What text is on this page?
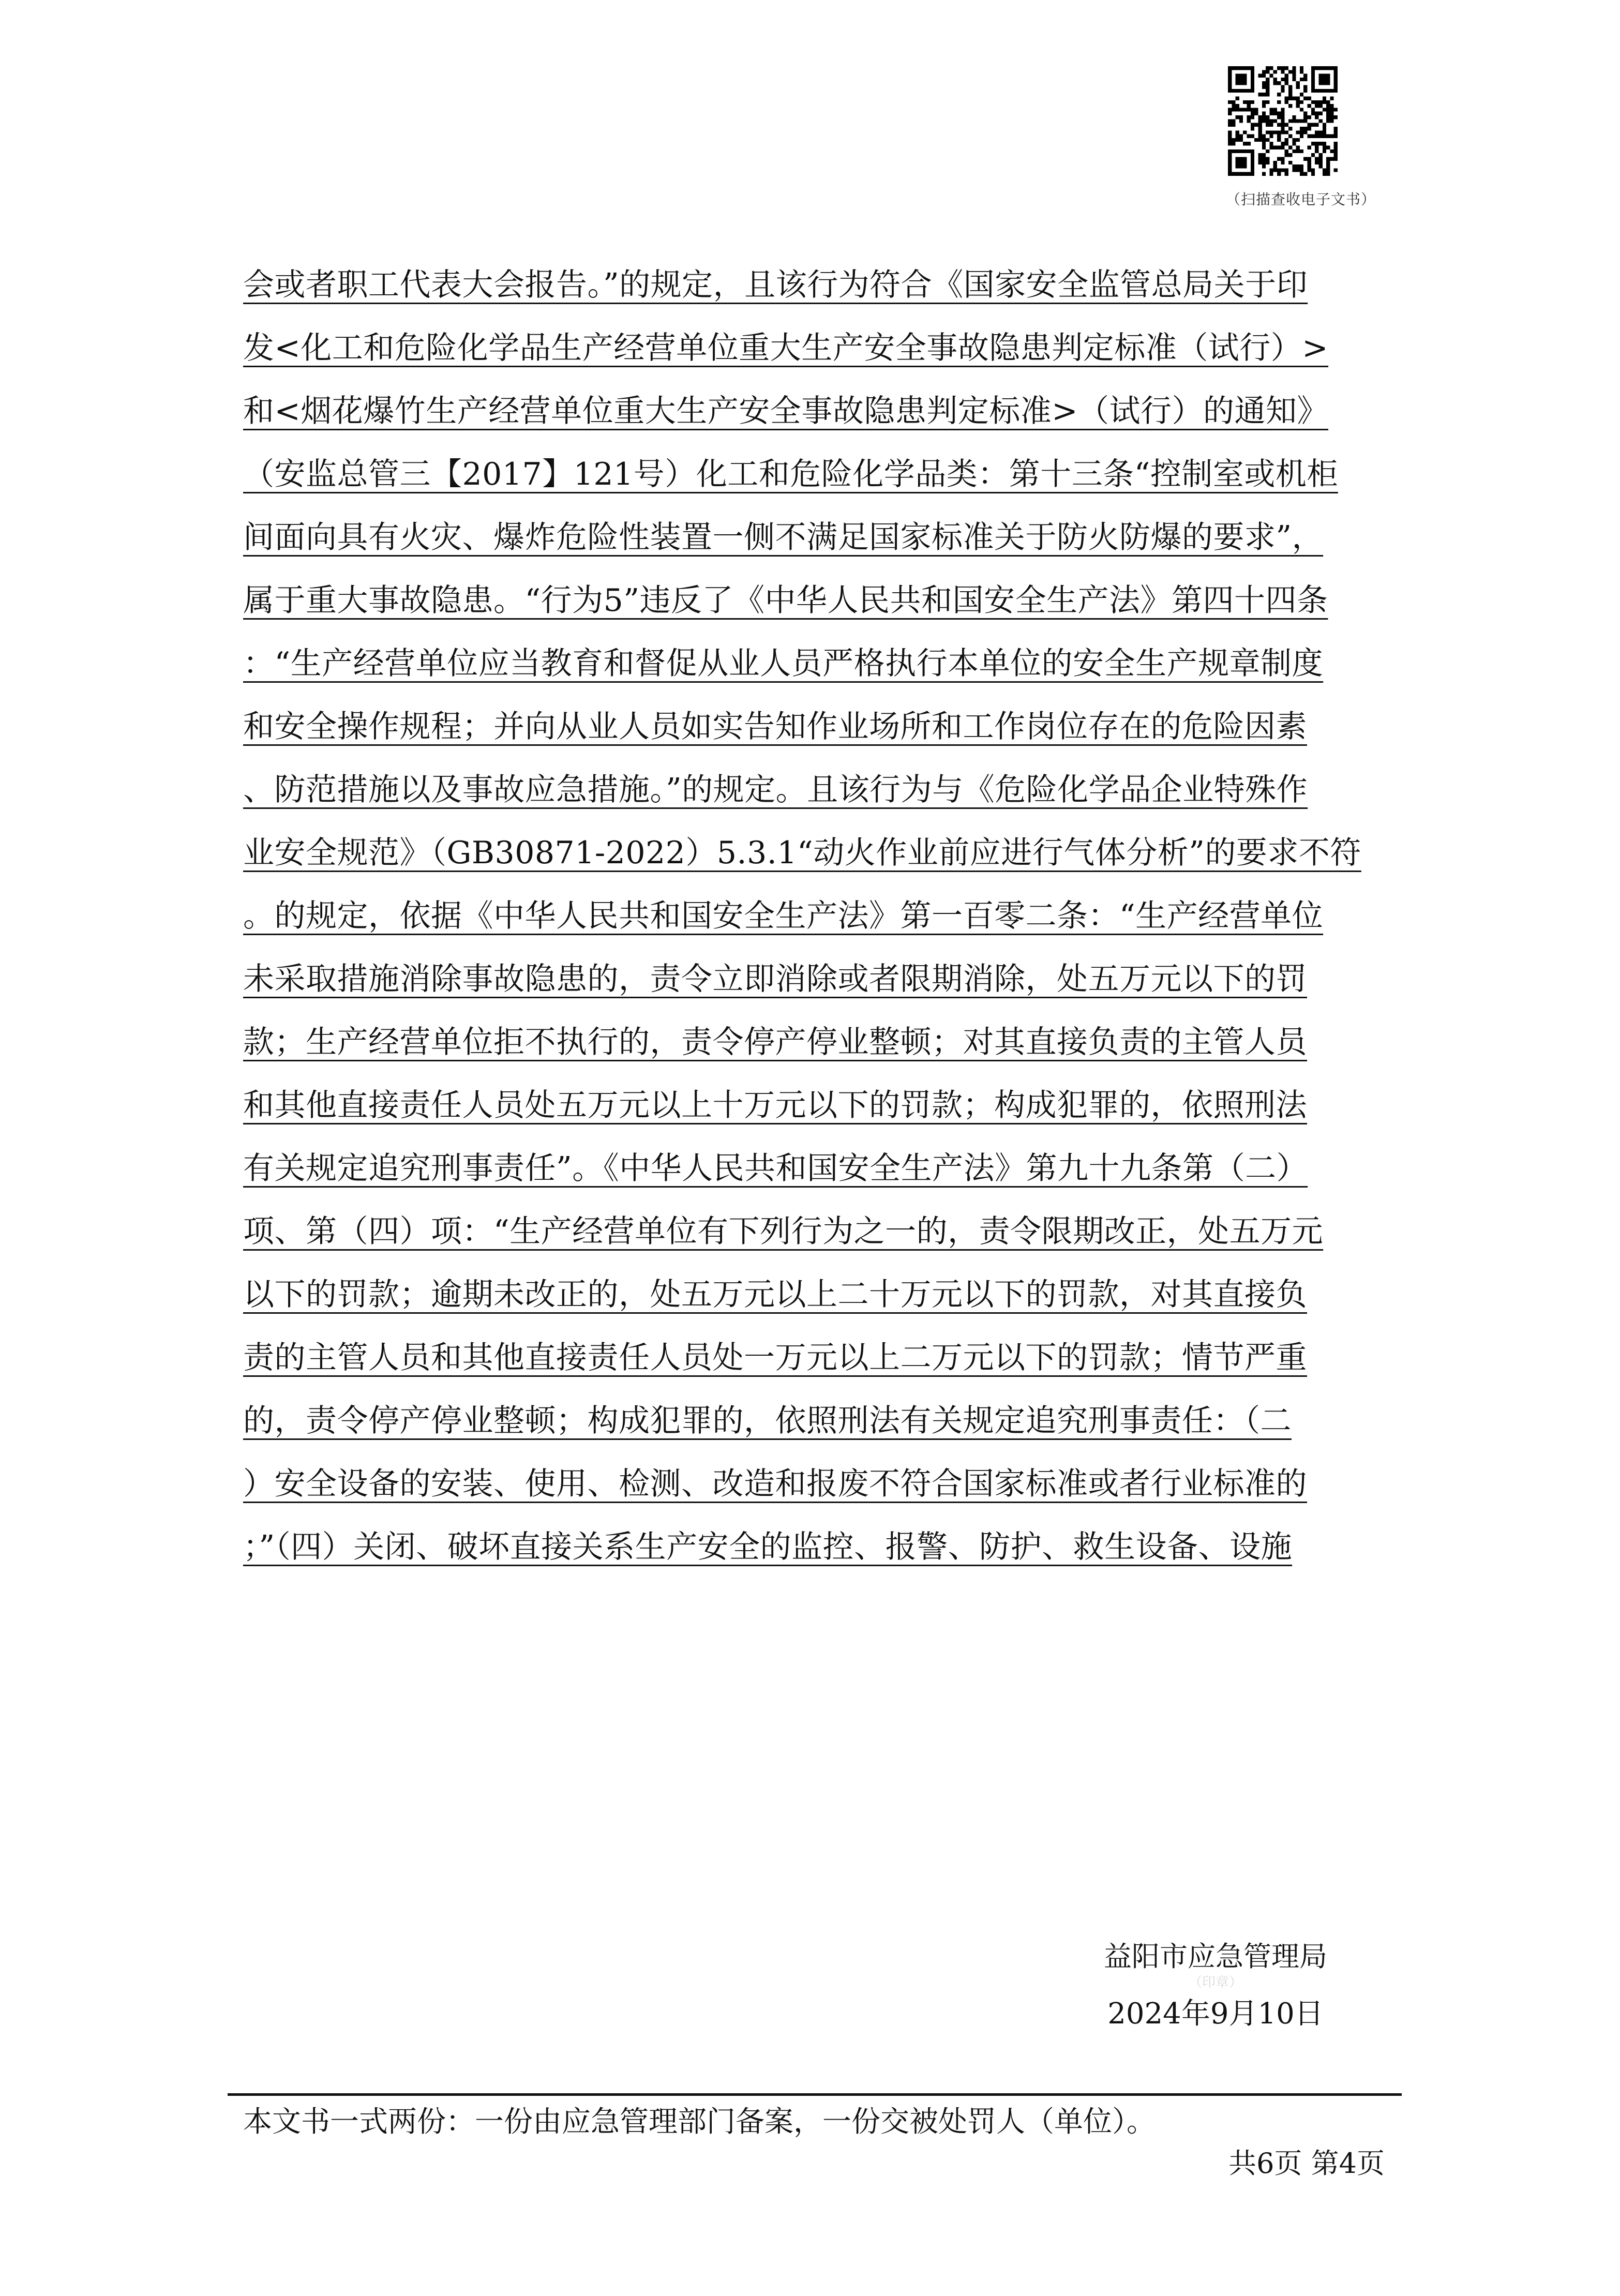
（扫描查收电子文书）
会或者职工代表大会报告。”的规定，且该行为符合《国家安全监管总局关于印
发<化工和危险化学品生产经营单位重大生产安全事故隐患判定标准（试行）>
和<烟花爆竹生产经营单位重大生产安全事故隐患判定标准>（试行）的通知》
（安监总管三【2017】121号）化工和危险化学品类：第十三条“控制室或机柜
间面向具有火灾、爆炸危险性装置一侧不满足国家标准关于防火防爆的要求”，
属于重大事故隐患。“行为5”违反了《中华人民共和国安全生产法》第四十四条
：“生产经营单位应当教育和督促从业人员严格执行本单位的安全生产规章制度
和安全操作规程；并向从业人员如实告知作业场所和工作岗位存在的危险因素
、防范措施以及事故应急措施。”的规定。且该行为与《危险化学品企业特殊作
业安全规范》（GB30871-2022）5.3.1“动火作业前应进行气体分析”的要求不符
。的规定，依据《中华人民共和国安全生产法》第一百零二条：“生产经营单位
未采取措施消除事故隐患的，责令立即消除或者限期消除，处五万元以下的罚
款；生产经营单位拒不执行的，责令停产停业整顿；对其直接负责的主管人员
和其他直接责任人员处五万元以上十万元以下的罚款；构成犯罪的，依照刑法
有关规定追究刑事责任”。《中华人民共和国安全生产法》第九十九条第（二）
项、第（四）项：“生产经营单位有下列行为之一的，责令限期改正，处五万元
以下的罚款；逾期未改正的，处五万元以上二十万元以下的罚款，对其直接负
责的主管人员和其他直接责任人员处一万元以上二万元以下的罚款；情节严重
的，责令停产停业整顿；构成犯罪的，依照刑法有关规定追究刑事责任：（二
）安全设备的安装、使用、检测、改造和报废不符合国家标准或者行业标准的
；”（四）关闭、破坏直接关系生产安全的监控、报警、防护、救生设备、设施
益阳市应急管理局
（印章）
2024年9月10日
本文书一式两份：一份由应急管理部门备案，一份交被处罚人（单位）。
共6页 第4页
